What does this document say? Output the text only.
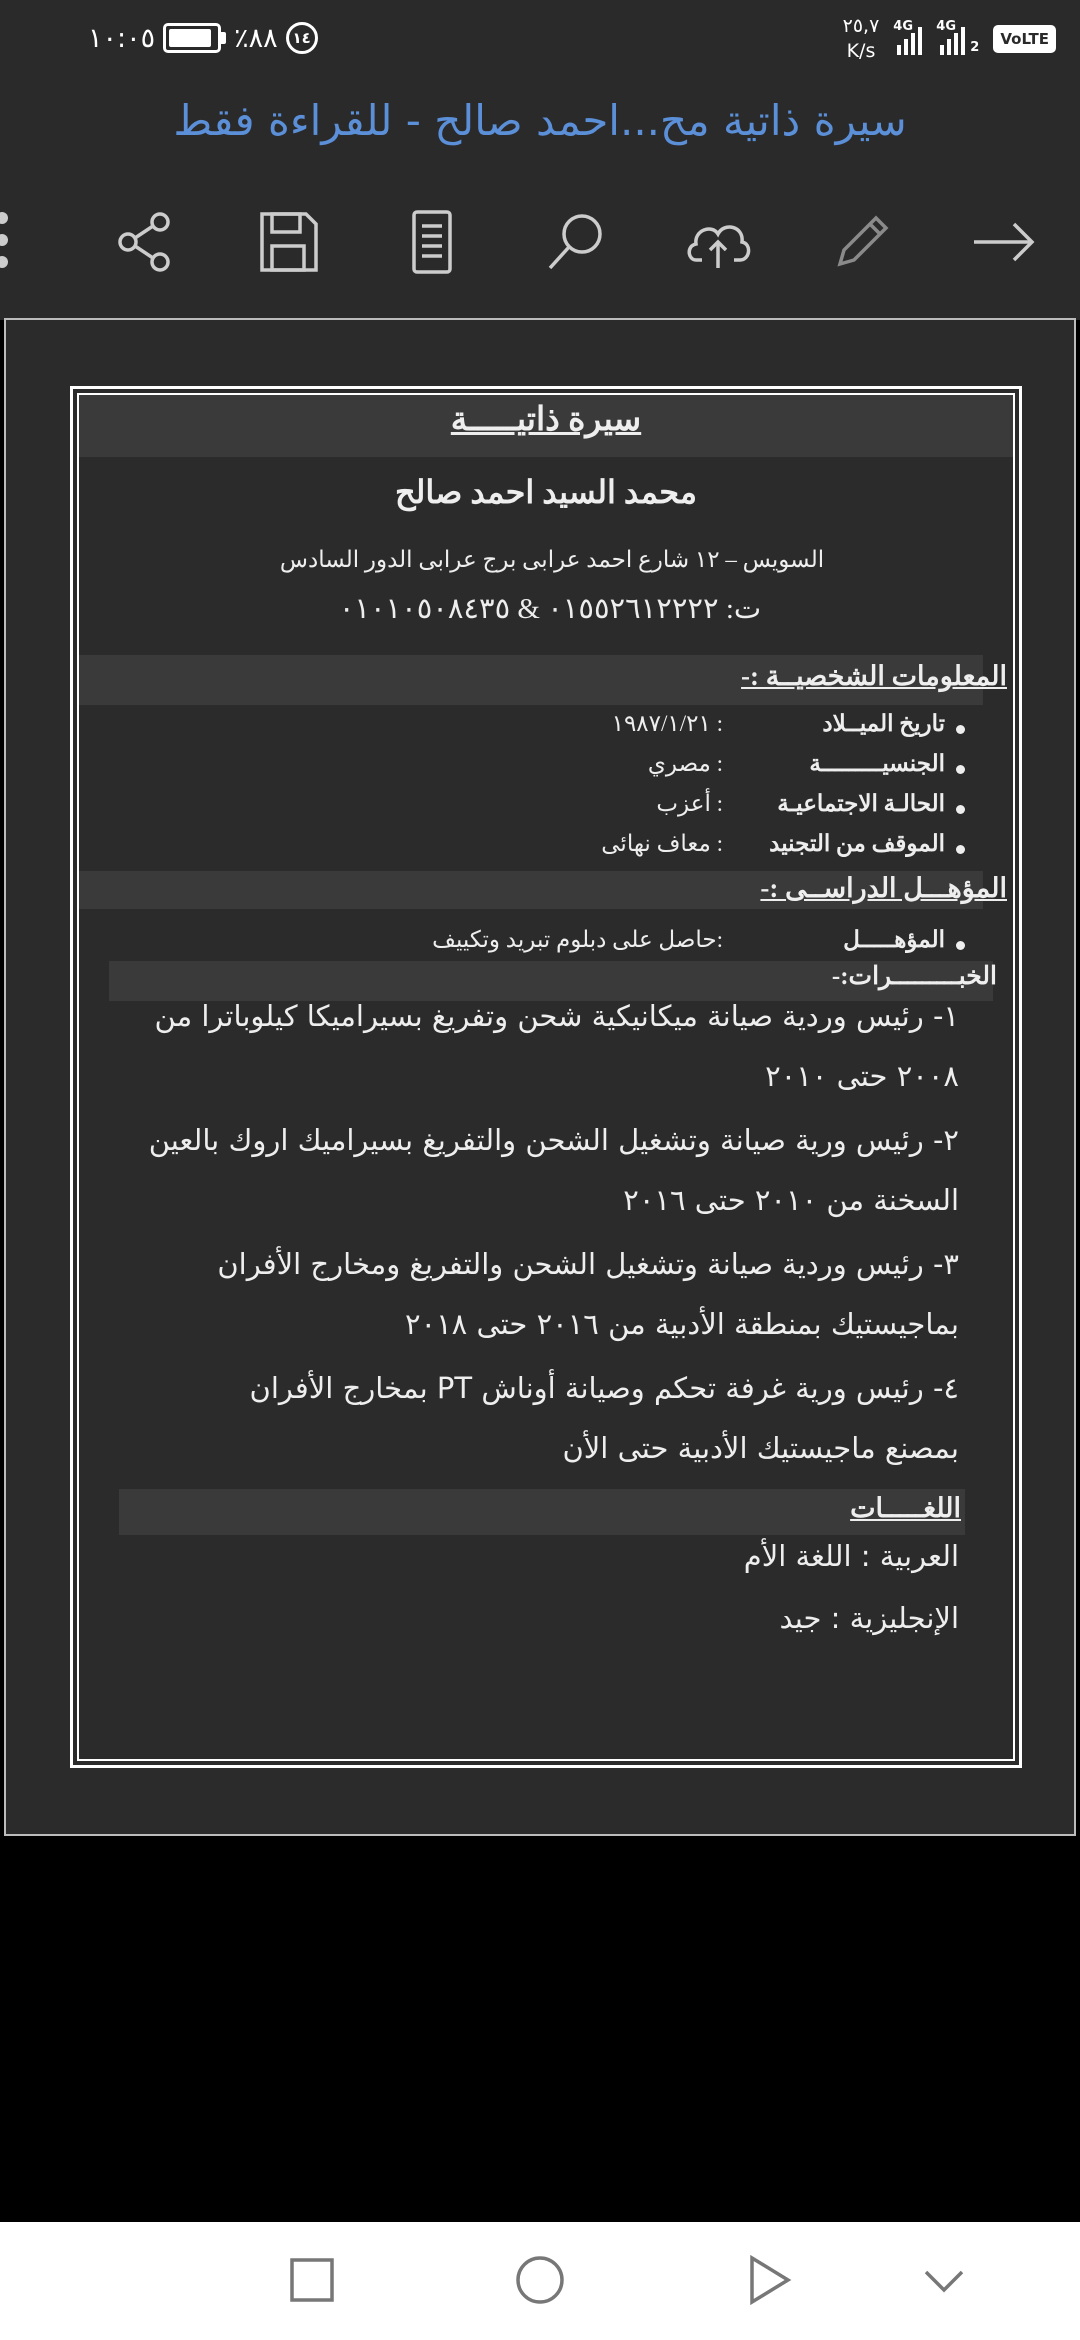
١٠:٠٥	٪٨٨ ١٤
٢٥,٧
K/s
4G 4G
2	VoLTE
سيرة ذاتية مح...احمد صالح - للقراءة فقط
سيرة ذاتيـــــة
محمد السيد احمد صالح
السويس – ١٢ شارع احمد عرابى برج عرابى الدور السادس
ت: ٠١٥٥٢٦١٢٢٢٢ & ٠١٠١٠٥٠٨٤٣٥
المعلومات الشخصيــة :-
تاريخ الميــلاد
: ١٩٨٧/١/٢١
الجنسيـــــــــة
: مصري
الحالـة الاجتماعيـة
: أعزب
الموقف من التجنيد
: معاف نهائى
المؤهـــل الدراســى :-
المؤهـــــل
:حاصل على دبلوم تبريد وتكييف
الخبـــــــــرات:-
١- رئيس وردية صيانة ميكانيكية شحن وتفريغ بسيراميكا كيلوباترا من
٢٠٠٨ حتى ٢٠١٠
٢- رئيس ورية صيانة وتشغيل الشحن والتفريغ بسيراميك اروك بالعين
السخنة من ٢٠١٠ حتى ٢٠١٦
٣- رئيس وردية صيانة وتشغيل الشحن والتفريغ ومخارج الأفران
بماجيستيك بمنطقة الأدبية من ٢٠١٦ حتى ٢٠١٨
٤- رئيس ورية غرفة تحكم وصيانة أوناش PT بمخارج الأفران
بمصنع ماجيستيك الأدبية حتى الأن
اللغـــــات
العربية : اللغة الأم
الإنجليزية : جيد
